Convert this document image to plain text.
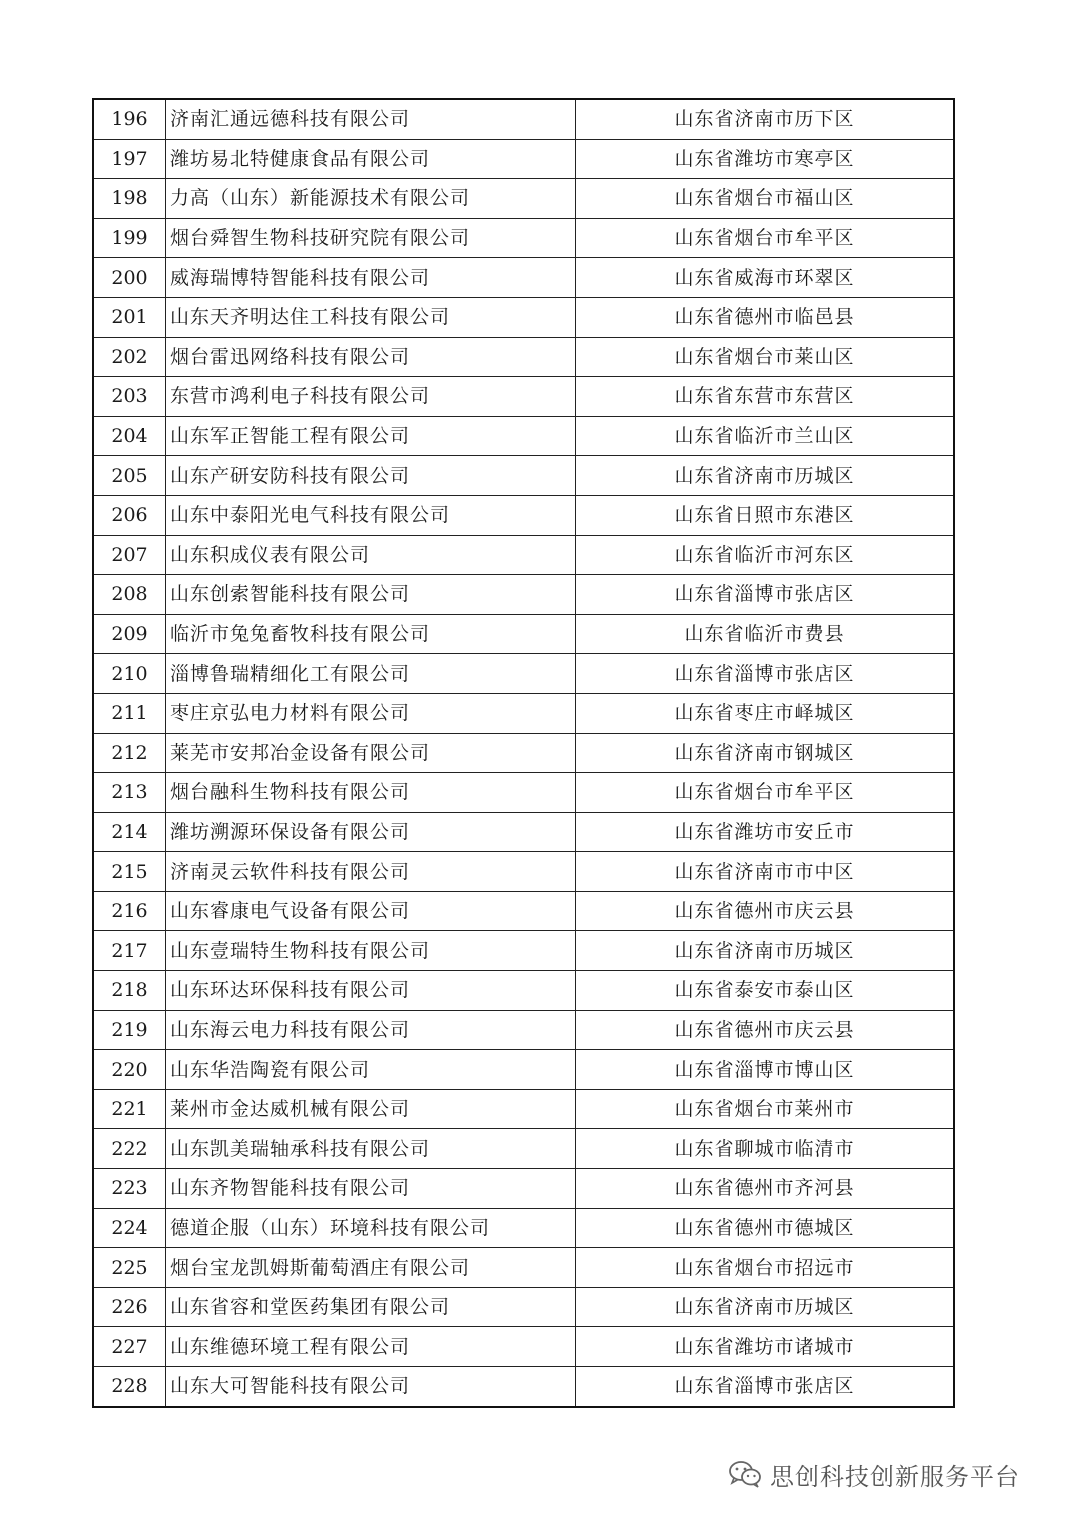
196	济南汇通远德科技有限公司	山东省济南市历下区
197	潍坊易北特健康食品有限公司	山东省潍坊市寒亭区
198	力高（山东）新能源技术有限公司	山东省烟台市福山区
199	烟台舜智生物科技研究院有限公司	山东省烟台市牟平区
200	威海瑞博特智能科技有限公司	山东省威海市环翠区
201	山东天齐明达住工科技有限公司	山东省德州市临邑县
202	烟台雷迅网络科技有限公司	山东省烟台市莱山区
203	东营市鸿利电子科技有限公司	山东省东营市东营区
204	山东军正智能工程有限公司	山东省临沂市兰山区
205	山东产研安防科技有限公司	山东省济南市历城区
206	山东中泰阳光电气科技有限公司	山东省日照市东港区
207	山东积成仪表有限公司	山东省临沂市河东区
208	山东创索智能科技有限公司	山东省淄博市张店区
209	临沂市兔兔畜牧科技有限公司	山东省临沂市费县
210	淄博鲁瑞精细化工有限公司	山东省淄博市张店区
211	枣庄京弘电力材料有限公司	山东省枣庄市峄城区
212	莱芜市安邦冶金设备有限公司	山东省济南市钢城区
213	烟台融科生物科技有限公司	山东省烟台市牟平区
214	潍坊溯源环保设备有限公司	山东省潍坊市安丘市
215	济南灵云软件科技有限公司	山东省济南市市中区
216	山东睿康电气设备有限公司	山东省德州市庆云县
217	山东壹瑞特生物科技有限公司	山东省济南市历城区
218	山东环达环保科技有限公司	山东省泰安市泰山区
219	山东海云电力科技有限公司	山东省德州市庆云县
220	山东华浩陶瓷有限公司	山东省淄博市博山区
221	莱州市金达威机械有限公司	山东省烟台市莱州市
222	山东凯美瑞轴承科技有限公司	山东省聊城市临清市
223	山东齐物智能科技有限公司	山东省德州市齐河县
224	德道企服（山东）环境科技有限公司	山东省德州市德城区
225	烟台宝龙凯姆斯葡萄酒庄有限公司	山东省烟台市招远市
226	山东省容和堂医药集团有限公司	山东省济南市历城区
227	山东维德环境工程有限公司	山东省潍坊市诸城市
228	山东大可智能科技有限公司	山东省淄博市张店区
思创科技创新服务平台
